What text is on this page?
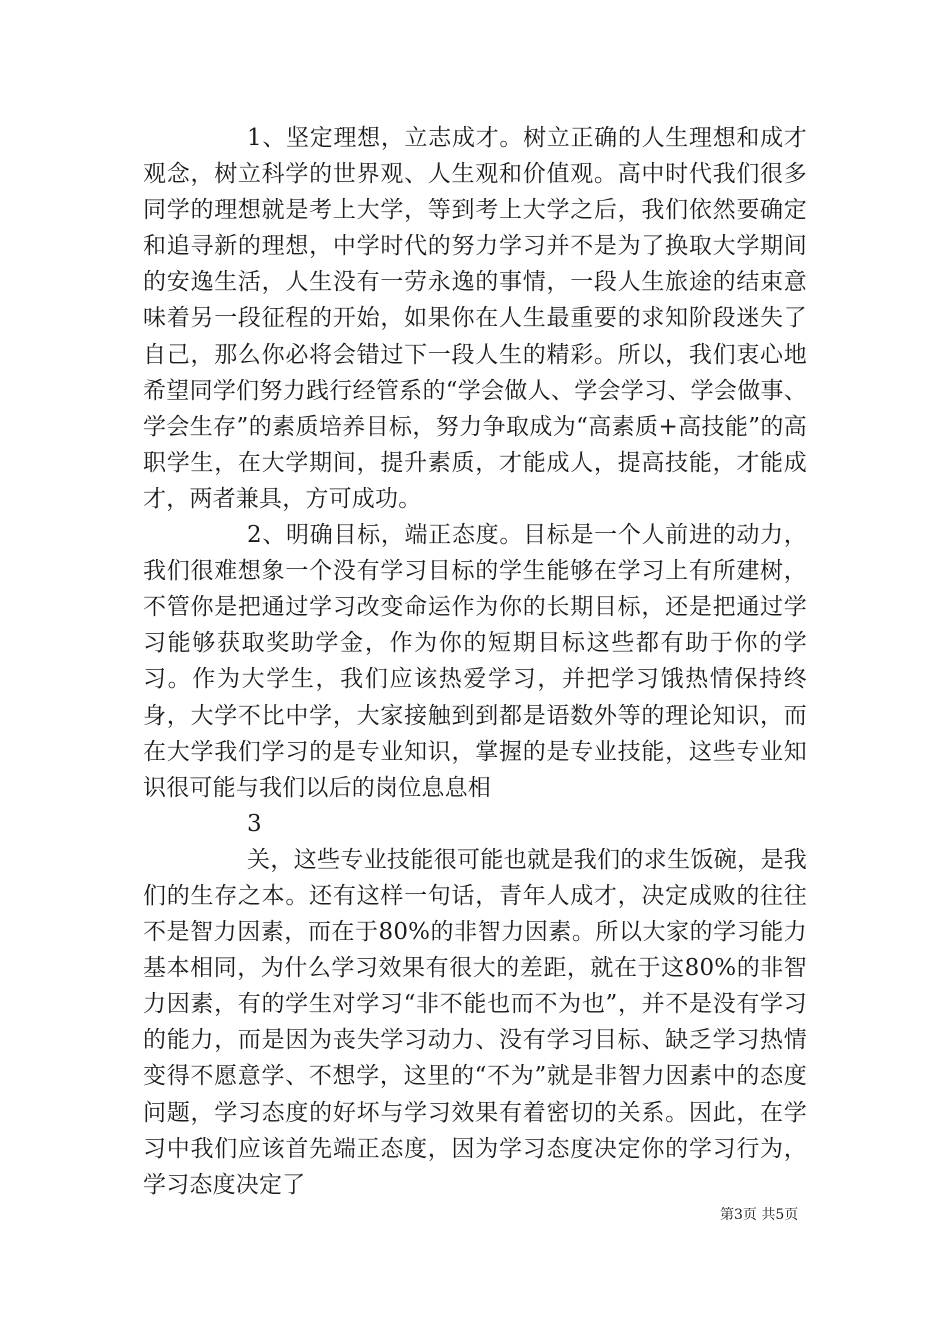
1、坚定理想，立志成才。树立正确的人生理想和成才观念，树立科学的世界观、人生观和价值观。高中时代我们很多同学的理想就是考上大学，等到考上大学之后，我们依然要确定和追寻新的理想，中学时代的努力学习并不是为了换取大学期间的安逸生活，人生没有一劳永逸的事情，一段人生旅途的结束意味着另一段征程的开始，如果你在人生最重要的求知阶段迷失了自己，那么你必将会错过下一段人生的精彩。所以，我们衷心地希望同学们努力践行经管系的“学会做人、学会学习、学会做事、学会生存”的素质培养目标，努力争取成为“高素质+高技能”的高职学生，在大学期间，提升素质，才能成人，提高技能，才能成才，两者兼具，方可成功。

2、明确目标，端正态度。目标是一个人前进的动力，我们很难想象一个没有学习目标的学生能够在学习上有所建树，不管你是把通过学习改变命运作为你的长期目标，还是把通过学习能够获取奖助学金，作为你的短期目标这些都有助于你的学习。作为大学生，我们应该热爱学习，并把学习饿热情保持终身，大学不比中学，大家接触到到都是语数外等的理论知识，而在大学我们学习的是专业知识，掌握的是专业技能，这些专业知识很可能与我们以后的岗位息息相

3

关，这些专业技能很可能也就是我们的求生饭碗，是我们的生存之本。还有这样一句话，青年人成才，决定成败的往往不是智力因素，而在于80%的非智力因素。所以大家的学习能力基本相同，为什么学习效果有很大的差距，就在于这80%的非智力因素，有的学生对学习“非不能也而不为也”，并不是没有学习的能力，而是因为丧失学习动力、没有学习目标、缺乏学习热情变得不愿意学、不想学，这里的“不为”就是非智力因素中的态度问题，学习态度的好坏与学习效果有着密切的关系。因此，在学习中我们应该首先端正态度，因为学习态度决定你的学习行为，学习态度决定了

第3页 共5页
